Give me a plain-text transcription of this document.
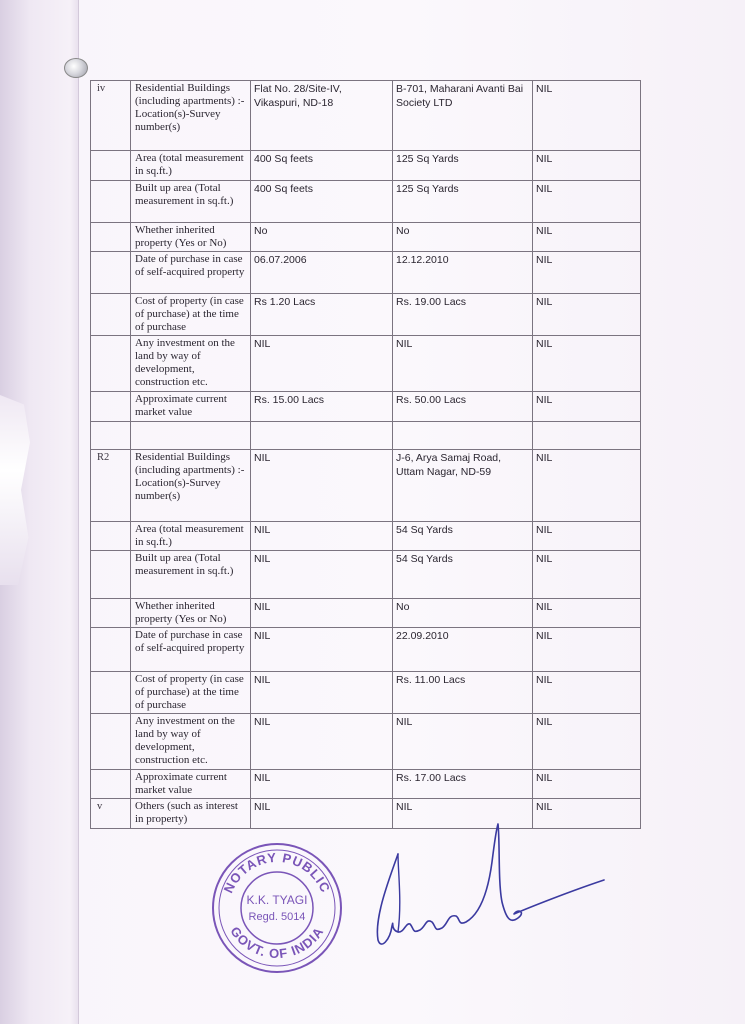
iv	Residential Buildings (including apartments) :- Location(s)-Survey number(s)	Flat No. 28/Site-IV, Vikaspuri, ND-18	B-701, Maharani Avanti Bai Society LTD	NIL
	Area (total measurement in sq.ft.)	400 Sq feets	125 Sq Yards	NIL
	Built up area (Total measurement in sq.ft.)	400 Sq feets	125 Sq Yards	NIL
	Whether inherited property (Yes or No)	No	No	NIL
	Date of purchase in case of self-acquired property	06.07.2006	12.12.2010	NIL
	Cost of property (in case of purchase) at the time of purchase	Rs 1.20 Lacs	Rs. 19.00 Lacs	NIL
	Any investment on the land by way of development, construction etc.	NIL	NIL	NIL
	Approximate current market value	Rs. 15.00 Lacs	Rs. 50.00 Lacs	NIL

R2	Residential Buildings (including apartments) :- Location(s)-Survey number(s)	NIL	J-6, Arya Samaj Road, Uttam Nagar, ND-59	NIL
	Area (total measurement in sq.ft.)	NIL	54 Sq Yards	NIL
	Built up area (Total measurement in sq.ft.)	NIL	54 Sq Yards	NIL
	Whether inherited property (Yes or No)	NIL	No	NIL
	Date of purchase in case of self-acquired property	NIL	22.09.2010	NIL
	Cost of property (in case of purchase) at the time of purchase	NIL	Rs. 11.00 Lacs	NIL
	Any investment on the land by way of development, construction etc.	NIL	NIL	NIL
	Approximate current market value	NIL	Rs. 17.00 Lacs	NIL
v	Others (such as interest in property)	NIL	NIL	NIL
NOTARY PUBLIC
GOVT. OF INDIA
K.K. TYAGI
Regd. 5014
